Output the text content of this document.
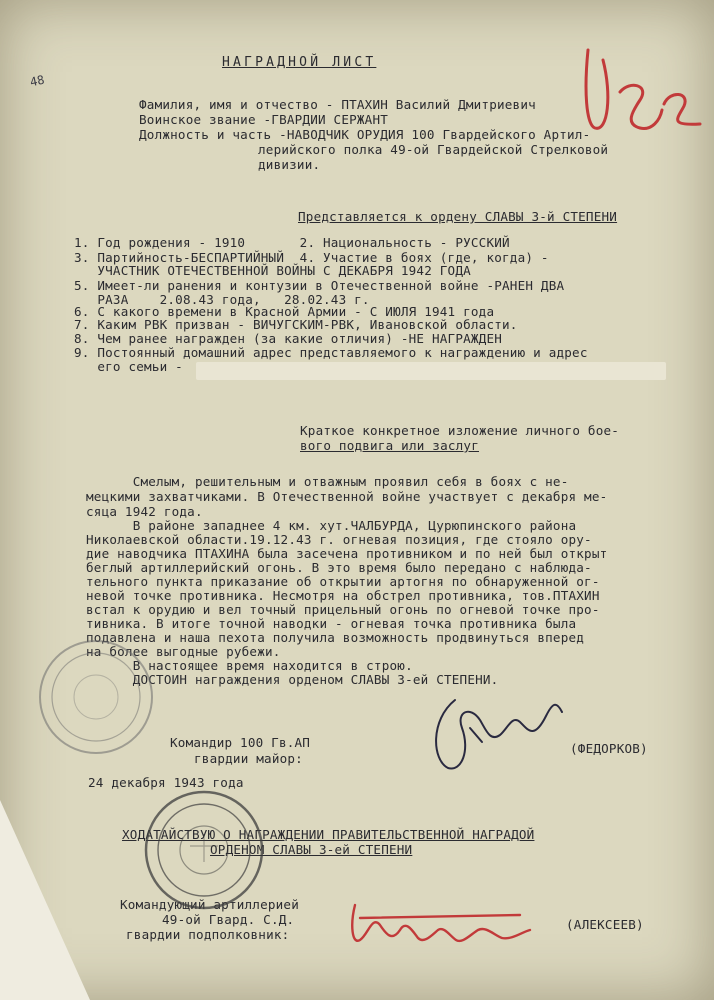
48
НАГРАДНОЙ ЛИСТ
Фамилия, имя и отчество - ПТАХИН Василий Дмитриевич
Воинское звание -ГВАРДИИ СЕРЖАНТ
Должность и часть -НАВОДЧИК ОРУДИЯ 100 Гвардейского Артил-
лерийского полка 49-ой Гвардейской Стрелковой
дивизии.
Представляется к ордену СЛАВЫ 3-й СТЕПЕНИ
1. Год рождения - 1910       2. Национальность - РУССКИЙ
3. Партийность-БЕСПАРТИЙНЫЙ  4. Участие в боях (где, когда) -
УЧАСТНИК ОТЕЧЕСТВЕННОЙ ВОЙНЫ С ДЕКАБРЯ 1942 ГОДА
5. Имеет-ли ранения и контузии в Отечественной войне -РАНЕН ДВА
РАЗА    2.08.43 года,   28.02.43 г.
6. С какого времени в Красной Армии - С ИЮЛЯ 1941 года
7. Каким РВК призван - ВИЧУГСКИМ-РВК, Ивановской области.
8. Чем ранее награжден (за какие отличия) -НЕ НАГРАЖДЕН
9. Постоянный домашний адрес представляемого к награждению и адрес
его семьи -
Краткое конкретное изложение личного бое-
вого подвига или заслуг
Смелым, решительным и отважным проявил себя в боях с не-
мецкими захватчиками. В Отечественной войне участвует с декабря ме-
сяца 1942 года.
В районе западнее 4 км. хут.ЧАЛБУРДА, Цурюпинского района
Николаевской области.19.12.43 г. огневая позиция, где стояло ору-
дие наводчика ПТАХИНА была засечена противником и по ней был открыт
беглый артиллерийский огонь. В это время было передано с наблюда-
тельного пункта приказание об открытии артогня по обнаруженной ог-
невой точке противника. Несмотря на обстрел противника, тов.ПТАХИН
встал к орудию и вел точный прицельный огонь по огневой точке про-
тивника. В итоге точной наводки - огневая точка противника была
подавлена и наша пехота получила возможность продвинуться вперед
на более выгодные рубежи.
В настоящее время находится в строю.
ДОСТОИН награждения орденом СЛАВЫ 3-ей СТЕПЕНИ.
Командир 100 Гв.АП
гвардии майор:
(ФЕДОРКОВ)
24 декабря 1943 года
ХОДАТАЙСТВУЮ О НАГРАЖДЕНИИ ПРАВИТЕЛЬСТВЕННОЙ НАГРАДОЙ
ОРДЕНОМ СЛАВЫ 3-ей СТЕПЕНИ
Командующий артиллерией
49-ой Гвард. С.Д.
гвардии подполковник:
(АЛЕКСЕЕВ)
